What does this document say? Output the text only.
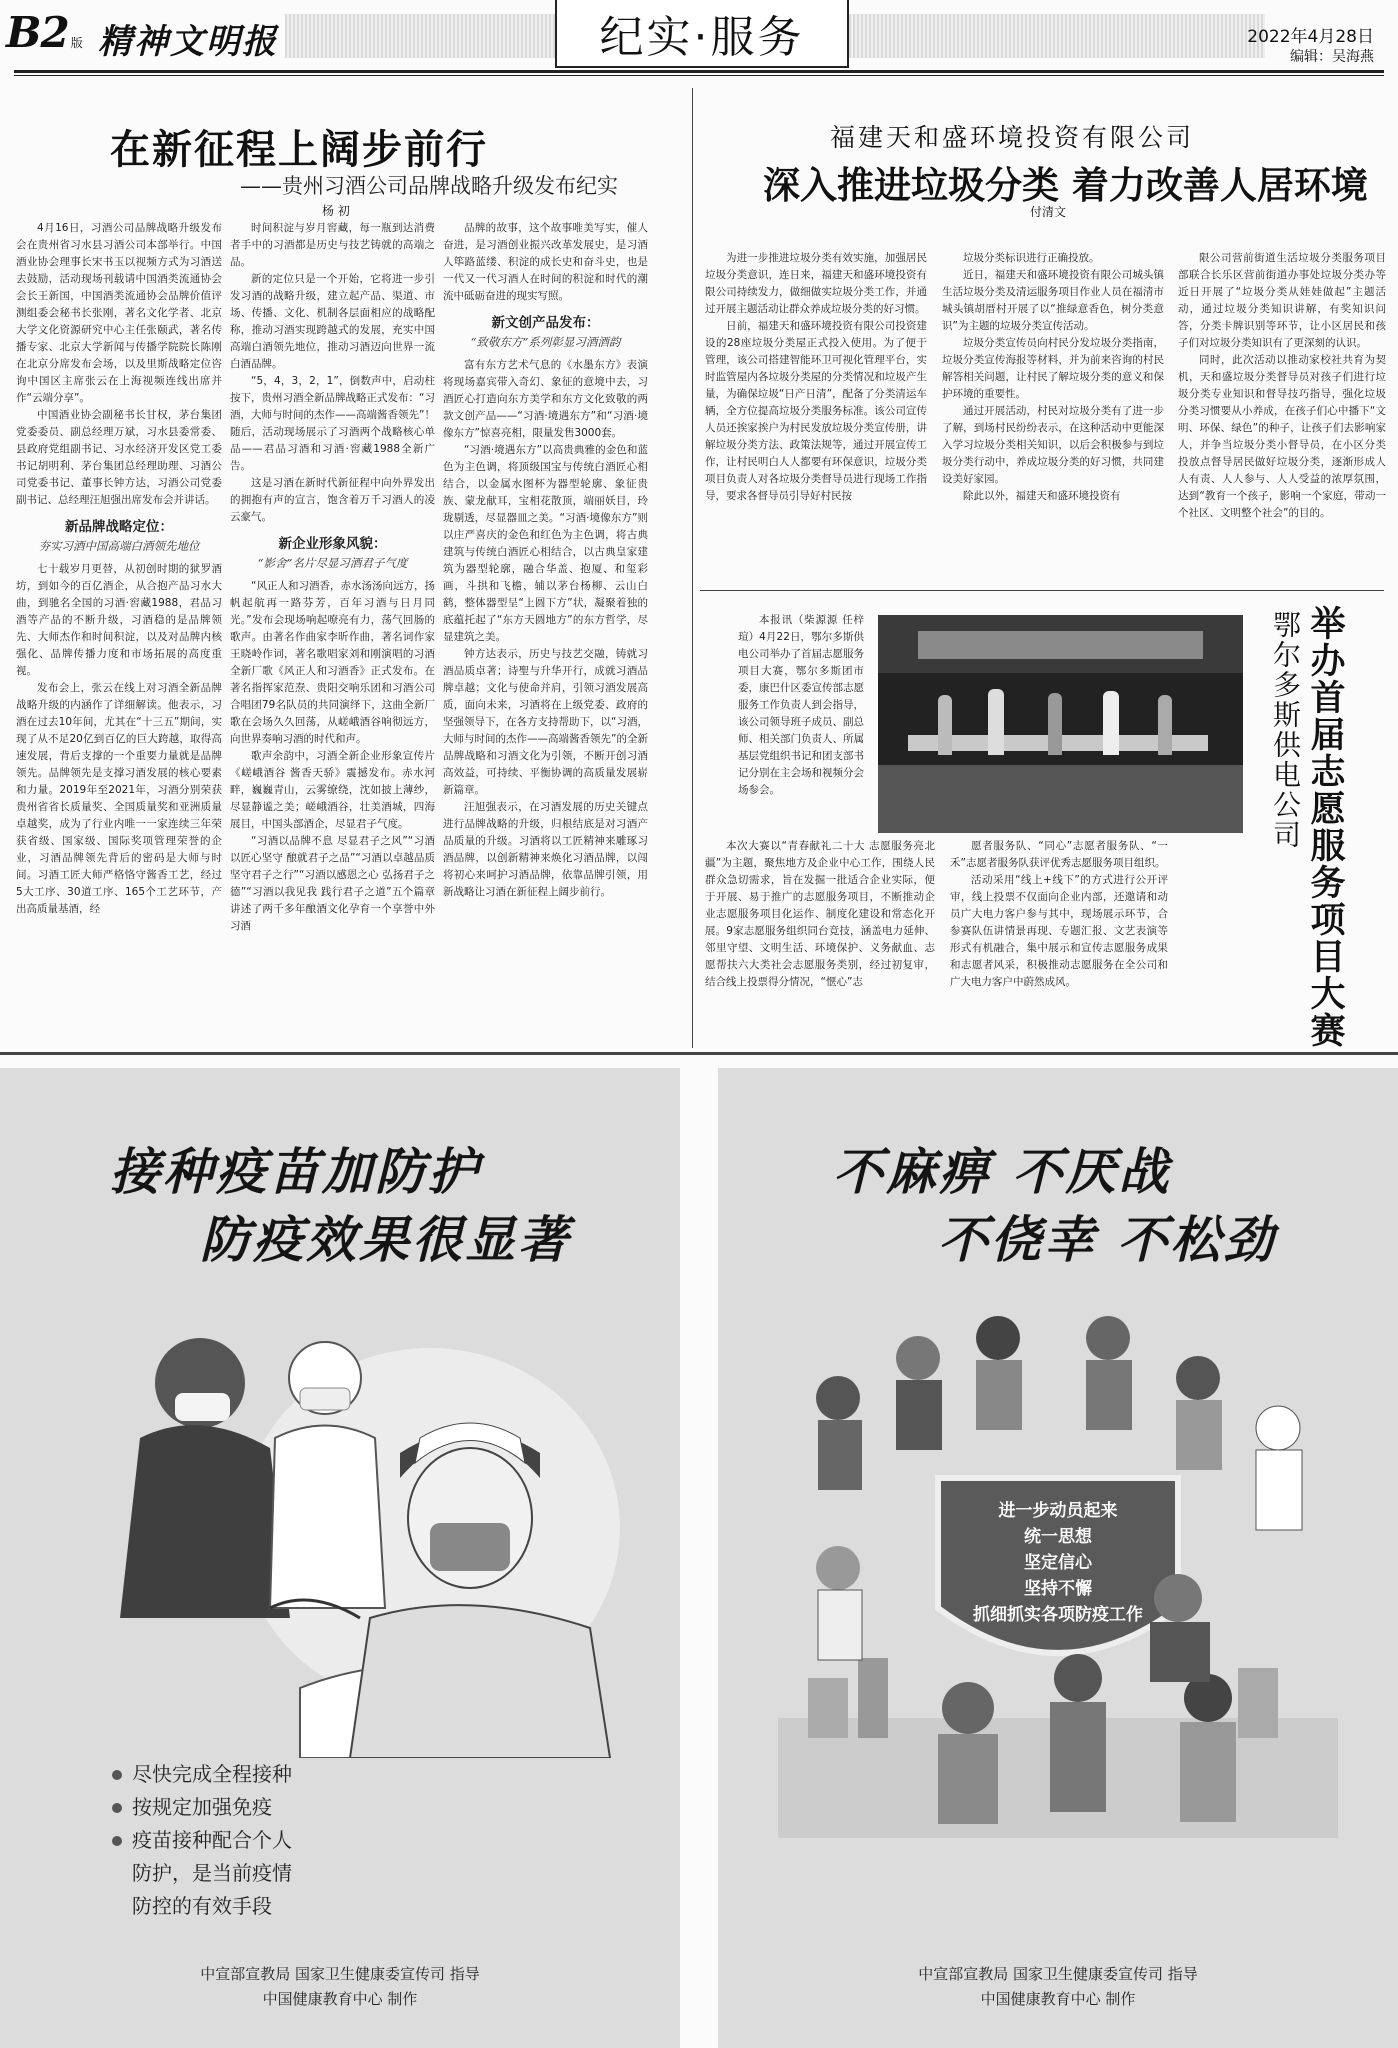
B2 版 精神文明报	纪实·服务	2022年4月28日
编辑：吴海燕
在新征程上阔步前行
——贵州习酒公司品牌战略升级发布纪实
杨 初

4月16日，习酒公司品牌战略升级发布会在贵州省习水县习酒公司本部举行。中国酒业协会理事长宋书玉以视频方式为习酒送去鼓励，活动现场刊载请中国酒类流通协会会长王新国，中国酒类流通协会品牌价值评测组委会秘书长张刚，著名文化学者、北京大学文化资源研究中心主任张颐武，著名传播专家、北京大学新闻与传播学院院长陈刚在北京分席发布会场，以及里斯战略定位咨询中国区主席张云在上海视频连线出席并作“云端分享”。

中国酒业协会副秘书长甘权，茅台集团党委委员、副总经理万斌，习水县委常委、县政府党组副书记、习水经济开发区党工委书记胡明利、茅台集团总经理助理、习酒公司党委书记、董事长钟方达，习酒公司党委副书记、总经理汪旭强出席发布会并讲话。

新品牌战略定位：
夯实习酒中国高端白酒领先地位

七十载岁月更替，从初创时期的狱罗酒坊，到如今的百亿酒企，从合抱产品习水大曲，到驰名全国的习酒·窖藏1988，君品习酒等产品的不断升级，习酒稳的是品牌领先、大师杰作和时间积淀，以及对品牌内核强化、品牌传播力度和市场拓展的高度重视。

发布会上，张云在线上对习酒全新品牌战略升级的内涵作了详细解读。他表示，习酒在过去10年间，尤其在“十三五”期间，实现了从不足20亿到百亿的巨大跨越，取得高速发展，背后支撑的一个重要力量就是品牌领先。品牌领先是支撑习酒发展的核心要素和力量。2019年至2021年，习酒分别荣获贵州省省长质量奖、全国质量奖和亚洲质量卓越奖，成为了行业内唯一一家连续三年荣获省级、国家级、国际奖项管理荣誉的企业，习酒品牌领先背后的密码是大师与时间。习酒工匠大师严格恪守酱香工艺，经过5大工序、30道工序、165个工艺环节，产出高质量基酒，经

时间积淀与岁月窖藏，每一瓶到达消费者手中的习酒都是历史与技艺铸就的高端之品。

新的定位只是一个开始，它将进一步引发习酒的战略升级，建立起产品、渠道、市场、传播、文化、机制各层面相应的战略配称，推动习酒实现跨越式的发展，充实中国高端白酒领先地位，推动习酒迈向世界一流白酒品牌。

“5，4，3，2，1”，倒数声中，启动柱按下，贵州习酒全新品牌战略正式发布：“习酒，大师与时间的杰作——高端酱香领先”！随后，活动现场展示了习酒两个战略核心单品——君品习酒和习酒·窖藏1988全新广告。

这是习酒在新时代新征程中向外界发出的拥抱有声的宣言，饱含着万千习酒人的凌云豪气。

新企业形象风貌：
“影舍”名片尽显习酒君子气度

“风正人和习酒香，赤水汤汤向远方，扬帆起航再一路芬芳，百年习酒与日月同光。”发布会现场响起嘹亮有力，荡气回肠的歌声。由著名作曲家李昕作曲，著名词作家王晓岭作词，著名歌唱家刘和刚演唱的习酒全新厂歌《风正人和习酒香》正式发布。在著名指挥家范焘、贵阳交响乐团和习酒公司合唱团79名队员的共同演绎下，这曲全新厂歌在会场久久回荡，从嵯峨酒谷响彻远方，向世界奏响习酒的时代和声。

歌声余韵中，习酒全新企业形象宣传片《嵯峨酒谷 酱香天骄》震撼发布。赤水河畔，巍巍青山，云雾缭绕，沈如披上薄纱，尽显静谧之美；嵯峨酒谷，壮美酒城，四海展目，中国头部酒企，尽显君子气度。

“习酒以品牌不息 尽显君子之风”“习酒以匠心坚守 酿就君子之品”“习酒以卓越品质 坚守君子之行”“习酒以感恩之心 弘扬君子之德”“习酒以我见我 践行君子之道”五个篇章讲述了两千多年酿酒文化孕育一个享誉中外习酒

品牌的故事，这个故事唯美写实，催人奋进，是习酒创业振兴改革发展史，是习酒人筚路蓝缕、积淀的成长史和奋斗史，也是一代又一代习酒人在时间的积淀和时代的潮流中砥砺奋进的现实写照。

新文创产品发布：
“致敬东方”系列彰显习酒酒韵

富有东方艺术气息的《水墨东方》表演将现场嘉宾带入奇幻、象征的意境中去，习酒匠心打造向东方美学和东方文化致敬的两款文创产品——“习酒·境遇东方”和“习酒·境像东方”惊喜亮相，限量发售3000套。

“习酒·境遇东方”以高贵典雅的金色和蓝色为主色调，将顶级国宝与传统白酒匠心相结合，以金属水图杯为器型轮廓、象征贵族、蒙龙献耳，宝相花散顶，端丽妖目，玲珑剔透，尽显器皿之美。“习酒·境像东方”则以庄严喜庆的金色和红色为主色调，将古典建筑与传统白酒匠心相结合，以古典皇家建筑为器型轮廓，融合华盖、抱厦、和玺彩画，斗拱和飞檐，辅以茅台杨柳、云山白鹤，整体器型呈“上圆下方”状，凝聚着独的底蕴托起了“东方天圆地方”的东方哲学，尽显建筑之美。

钟方达表示，历史与技艺交融，铸就习酒品质卓著；诗聖与升华开行，成就习酒品牌卓越；文化与使命并肩，引领习酒发展高质，面向未来，习酒将在上级党委、政府的坚强领导下，在各方支持帮助下，以“习酒，大师与时间的杰作——高端酱香领先”的全新品牌战略和习酒文化为引领，不断开创习酒高效益，可持续、平衡协调的高质量发展崭新篇章。

汪旭强表示，在习酒发展的历史关键点进行品牌战略的升级，归根结底是对习酒产品质量的升级。习酒将以工匠精神来雕琢习酒品牌，以创新精神来焕化习酒品牌，以闯将初心来呵护习酒品牌，依靠品牌引领，用新战略让习酒在新征程上阔步前行。

福建天和盛环境投资有限公司
深入推进垃圾分类 着力改善人居环境
付清文

为进一步推进垃圾分类有效实施，加强居民垃圾分类意识，连日来，福建天和盛环境投资有限公司持续发力，做细做实垃圾分类工作，并通过开展主题活动让群众养成垃圾分类的好习惯。

日前，福建天和盛环境投资有限公司投资建设的28座垃圾分类屋正式投入使用。为了便于管理，该公司搭建智能环卫可视化管理平台，实时监管屋内各垃圾分类屋的分类情况和垃圾产生量，为确保垃圾“日产日清”，配备了分类清运车辆，全方位提高垃圾分类服务标准。该公司宣传人员还挨家挨户为村民发放垃圾分类宣传册，讲解垃圾分类方法、政策法规等，通过开展宣传工作，让村民明白人人都要有环保意识，垃圾分类项目负责人对各垃圾分类督导员进行现场工作指导，要求各督导员引导好村民按

垃圾分类标识进行正确投放。

近日，福建天和盛环境投资有限公司城头镇生活垃圾分类及清运服务项目作业人员在福清市城头镇胡厝村开展了以“推绿意香色，树分类意识”为主题的垃圾分类宣传活动。

垃圾分类宣传员向村民分发垃圾分类指南，垃圾分类宣传海报等材料，并为前来咨询的村民解答相关问题，让村民了解垃圾分类的意义和保护环境的重要性。

通过开展活动，村民对垃圾分类有了进一步了解，到场村民纷纷表示，在这种活动中更能深入学习垃圾分类相关知识，以后会积极参与到垃圾分类行动中，养成垃圾分类的好习惯，共同建设美好家园。

除此以外，福建天和盛环境投资有

限公司营前街道生活垃圾分类服务项目部联合长乐区营前街道办事处垃圾分类办等近日开展了“垃圾分类从娃娃做起”主题活动，通过垃圾分类知识讲解，有奖知识问答，分类卡牌识别等环节，让小区居民和孩子们对垃圾分类知识有了更深刻的认识。

同时，此次活动以推动家校社共育为契机，天和盛垃圾分类督导员对孩子们进行垃圾分类专业知识和督导技巧指导，强化垃圾分类习惯要从小养成，在孩子们心中播下“文明、环保、绿色”的种子，让孩子们去影响家人，并争当垃圾分类小督导员，在小区分类投放点督导居民做好垃圾分类，逐渐形成人人有责、人人参与、人人受益的浓厚氛围，达到“教育一个孩子，影响一个家庭，带动一个社区、文明整个社会”的目的。

本报讯（柴源源 任梓瑄）4月22日，鄂尔多斯供电公司举办了首届志愿服务项目大赛，鄂尔多斯团市委，康巴什区委宣传部志愿服务工作负责人到会指导，该公司领导班子成员、副总师、相关部门负责人、所属基层党组织书记和团支部书记分别在主会场和视频分会场参会。	鄂尔多斯供电公司 举办首届志愿服务项目大赛

本次大赛以“青春献礼二十大 志愿服务亮北疆”为主题，聚焦地方及企业中心工作，围绕人民群众急切需求，旨在发掘一批适合企业实际，便于开展、易于推广的志愿服务项目，不断推动企业志愿服务项目化运作、制度化建设和常态化开展。9家志愿服务组织同台竞技，涵盖电力延伸、邻里守望、文明生活、环境保护、义务献血、志愿帮扶六大类社会志愿服务类别，经过初复审，结合线上投票得分情况，“惬心”志

愿者服务队、“同心”志愿者服务队、“一禾”志愿者服务队获评优秀志愿服务项目组织。

活动采用“线上+线下”的方式进行公开评审，线上投票不仅面向企业内部，还邀请和动员广大电力客户参与其中，现场展示环节，合参赛队伍讲情景再现、专题汇报、文艺表演等形式有机融合，集中展示和宣传志愿服务成果和志愿者风采，积极推动志愿服务在全公司和广大电力客户中蔚然成风。

接种疫苗加防护
防疫效果很显著
尽快完成全程接种
按规定加强免疫
疫苗接种配合个人
防护，是当前疫情
防控的有效手段
中宣部宣教局 国家卫生健康委宣传司 指导
中国健康教育中心 制作
不麻痹 不厌战
不侥幸 不松劲
进一步动员起来
统一思想
坚定信心
坚持不懈
抓细抓实各项防疫工作
中宣部宣教局 国家卫生健康委宣传司 指导
中国健康教育中心 制作
